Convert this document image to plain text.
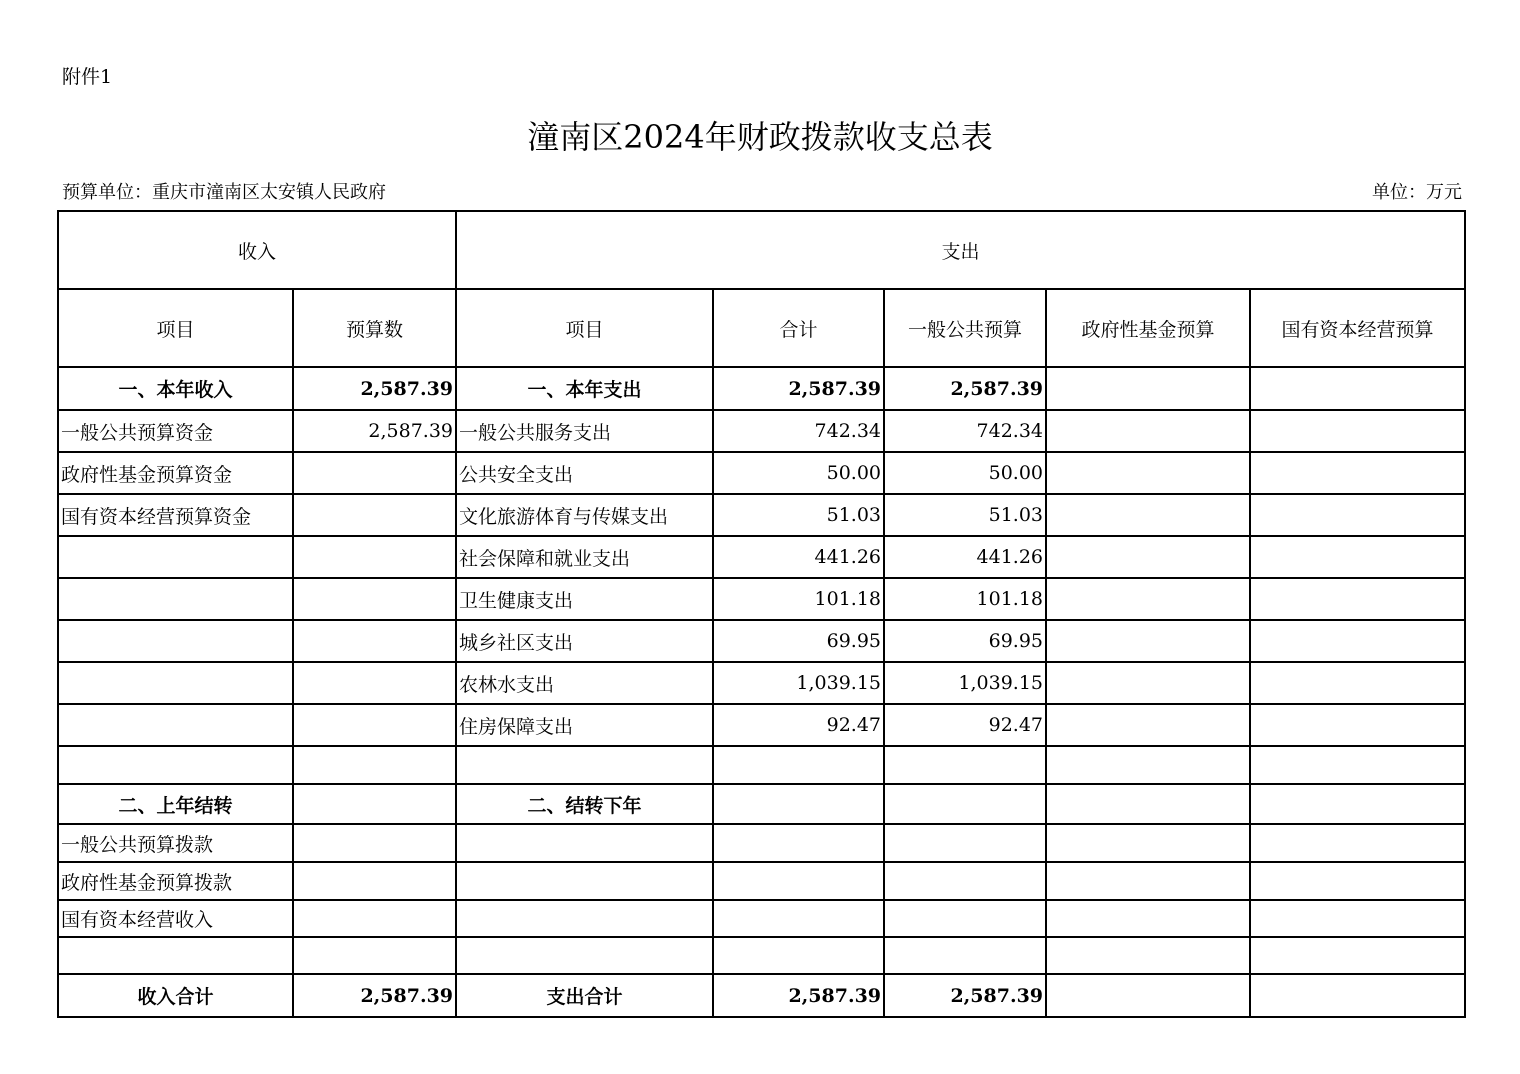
附件1
潼南区2024年财政拨款收支总表
预算单位：重庆市潼南区太安镇人民政府	单位：万元
收入		支出				
项目	预算数	项目	合计	一般公共预算	政府性基金预算	国有资本经营预算
一、本年收入	2,587.39	一、本年支出	2,587.39	2,587.39		
一般公共预算资金	2,587.39	一般公共服务支出	742.34	742.34		
政府性基金预算资金		公共安全支出	50.00	50.00		
国有资本经营预算资金		文化旅游体育与传媒支出	51.03	51.03		
		社会保障和就业支出	441.26	441.26		
		卫生健康支出	101.18	101.18		
		城乡社区支出	69.95	69.95		
		农林水支出	1,039.15	1,039.15		
		住房保障支出	92.47	92.47		

二、上年结转		二、结转下年				
一般公共预算拨款						
政府性基金预算拨款						
国有资本经营收入						

收入合计	2,587.39	支出合计	2,587.39	2,587.39		
